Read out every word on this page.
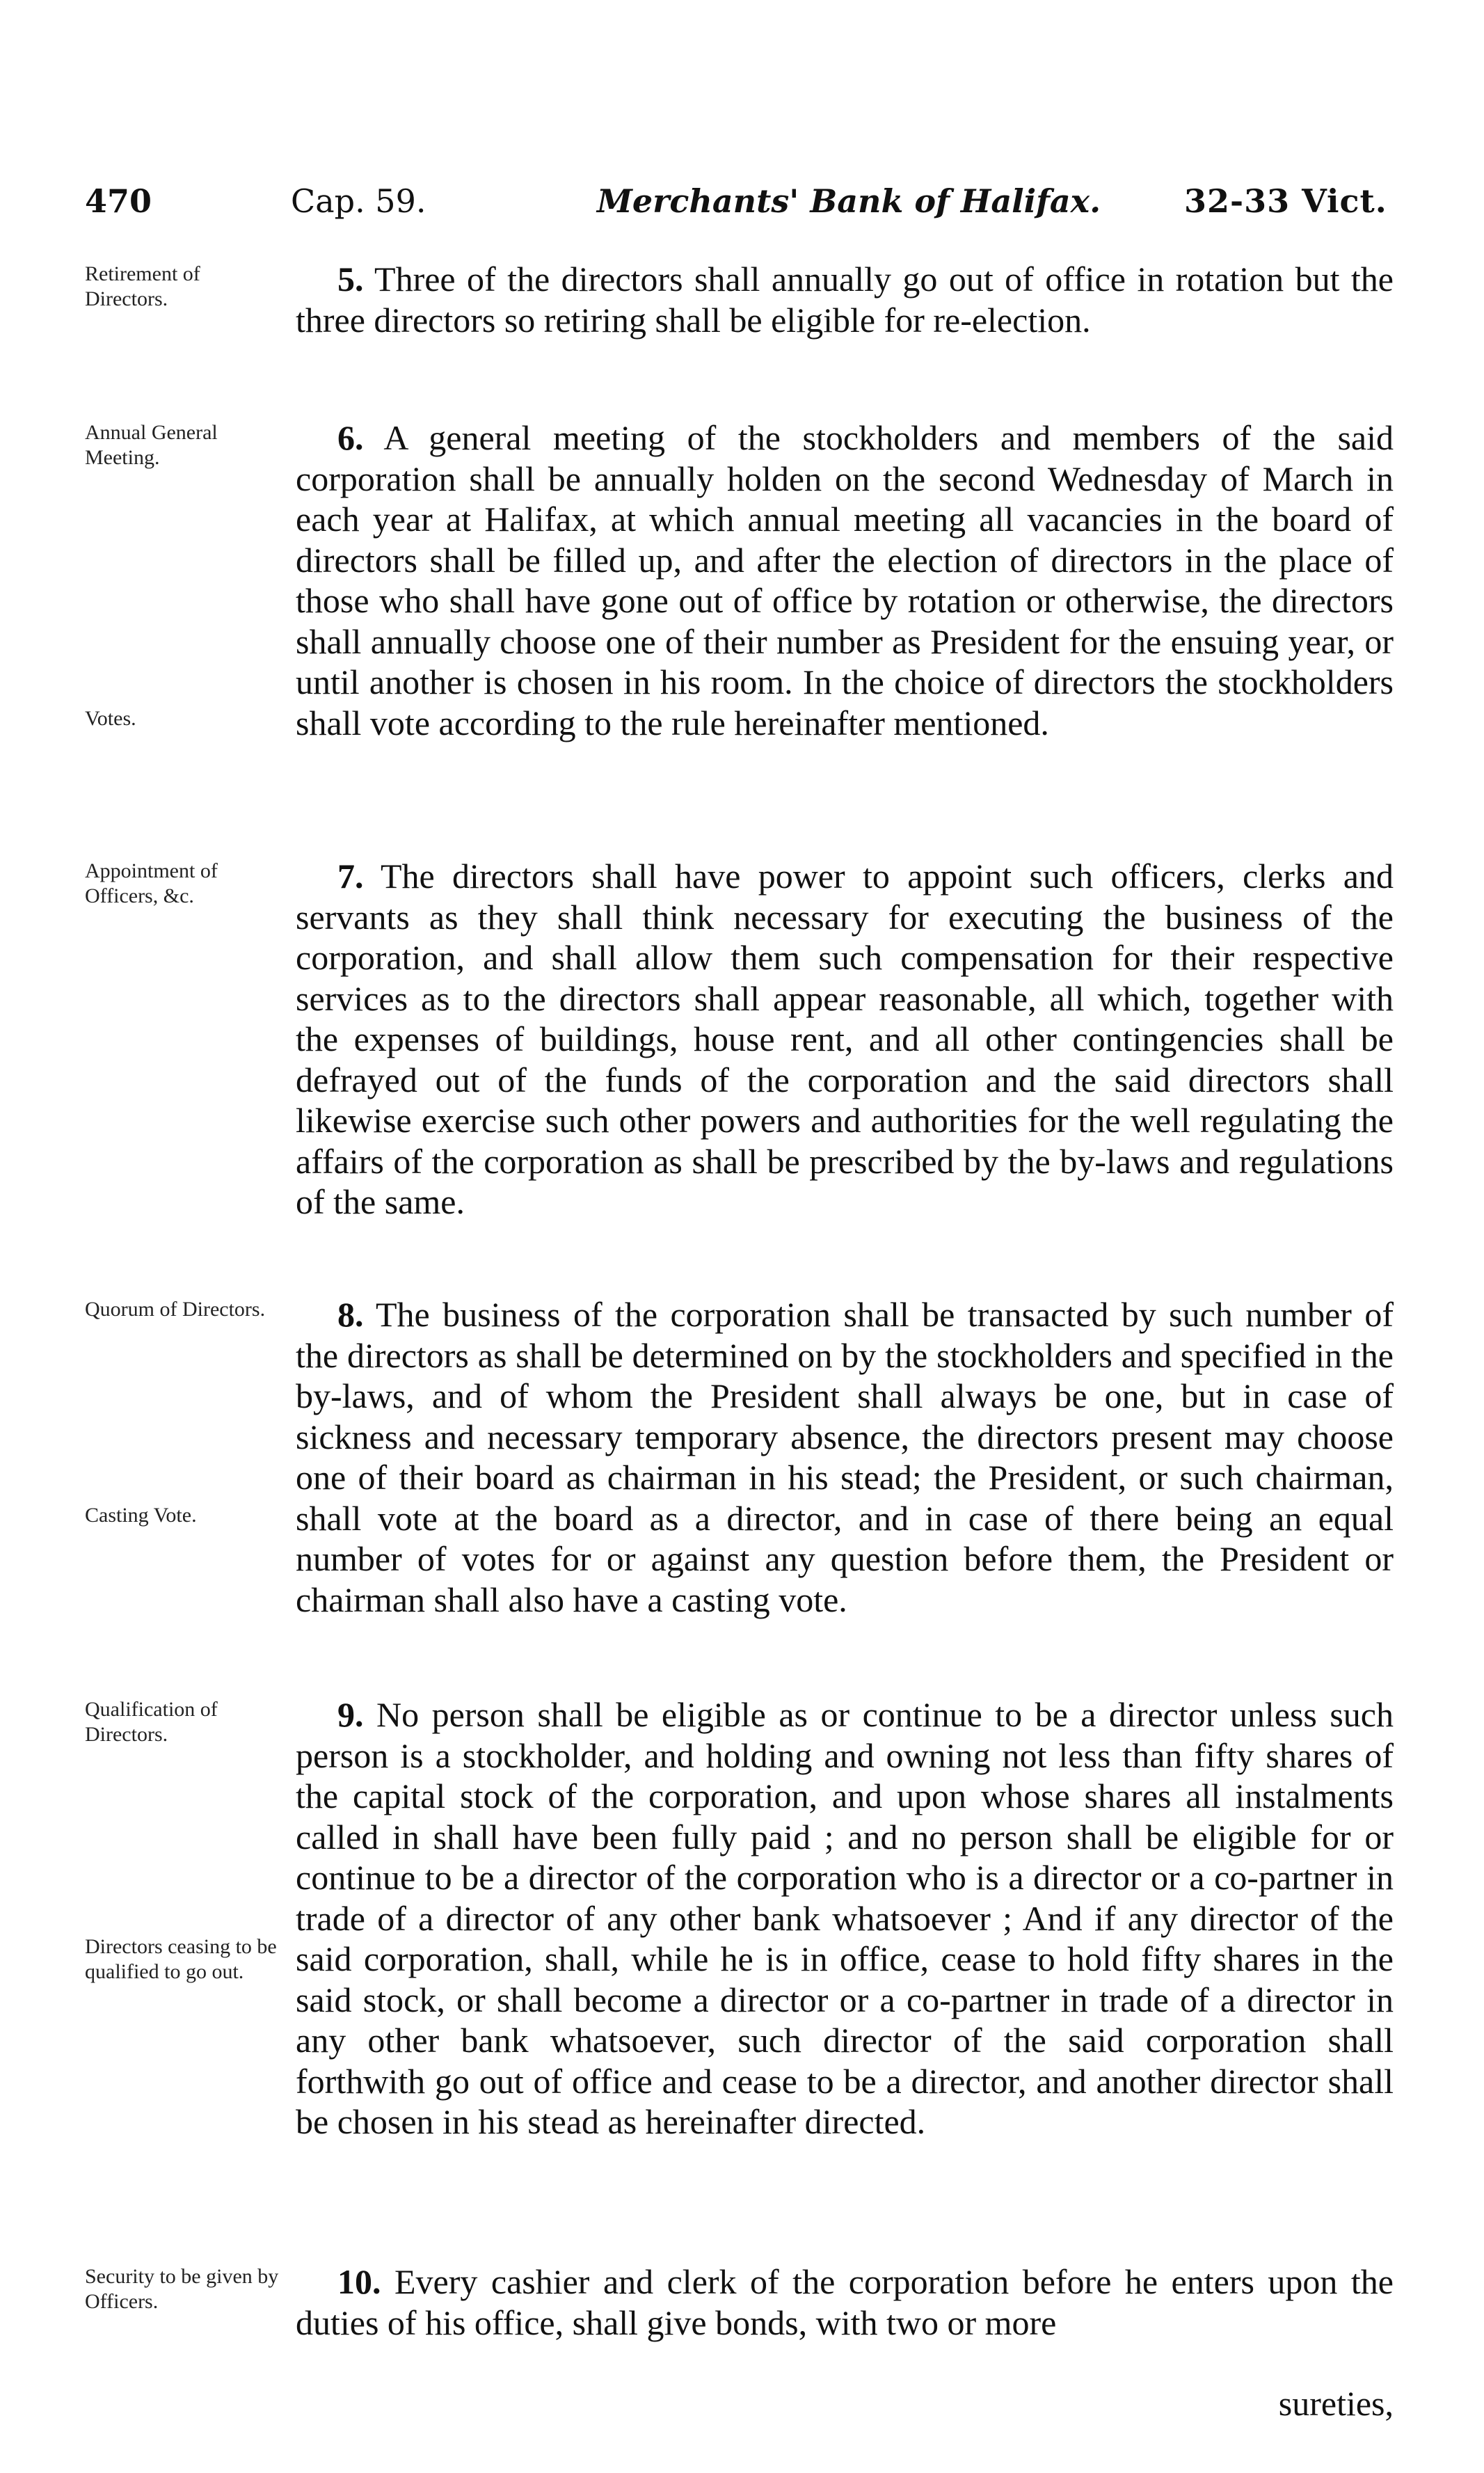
470	Cap. 59.	Merchants' Bank of Halifax.	32-33 Vict.
Retirement of Directors.

5. Three of the directors shall annually go out of office in rotation but the three directors so retiring shall be eligible for re-election.

Annual General Meeting.
Votes.

6. A general meeting of the stockholders and members of the said corporation shall be annually holden on the second Wednesday of March in each year at Halifax, at which annual meeting all vacancies in the board of directors shall be filled up, and after the election of directors in the place of those who shall have gone out of office by rotation or otherwise, the directors shall annually choose one of their number as President for the ensuing year, or until another is chosen in his room. In the choice of directors the stockholders shall vote according to the rule hereinafter mentioned.

Appointment of Officers, &c.

7. The directors shall have power to appoint such officers, clerks and servants as they shall think necessary for executing the business of the corporation, and shall allow them such compensation for their respective services as to the directors shall appear reasonable, all which, together with the expenses of buildings, house rent, and all other contingencies shall be defrayed out of the funds of the corporation and the said directors shall likewise exercise such other powers and authorities for the well regulating the affairs of the corporation as shall be prescribed by the by-laws and regulations of the same.

Quorum of Directors.
Casting Vote.

8. The business of the corporation shall be transacted by such number of the directors as shall be determined on by the stockholders and specified in the by-laws, and of whom the President shall always be one, but in case of sickness and necessary temporary absence, the directors present may choose one of their board as chairman in his stead; the President, or such chairman, shall vote at the board as a director, and in case of there being an equal number of votes for or against any question before them, the President or chairman shall also have a casting vote.

Qualification of Directors.
Directors ceasing to be qualified to go out.

9. No person shall be eligible as or continue to be a director unless such person is a stockholder, and holding and owning not less than fifty shares of the capital stock of the corporation, and upon whose shares all instalments called in shall have been fully paid ; and no person shall be eligible for or continue to be a director of the corporation who is a director or a co-partner in trade of a director of any other bank whatsoever ; And if any director of the said corporation, shall, while he is in office, cease to hold fifty shares in the said stock, or shall become a director or a co-partner in trade of a director in any other bank whatsoever, such director of the said corporation shall forthwith go out of office and cease to be a director, and another director shall be chosen in his stead as hereinafter directed.

Security to be given by Officers.

10. Every cashier and clerk of the corporation before he enters upon the duties of his office, shall give bonds, with two or more

sureties,
